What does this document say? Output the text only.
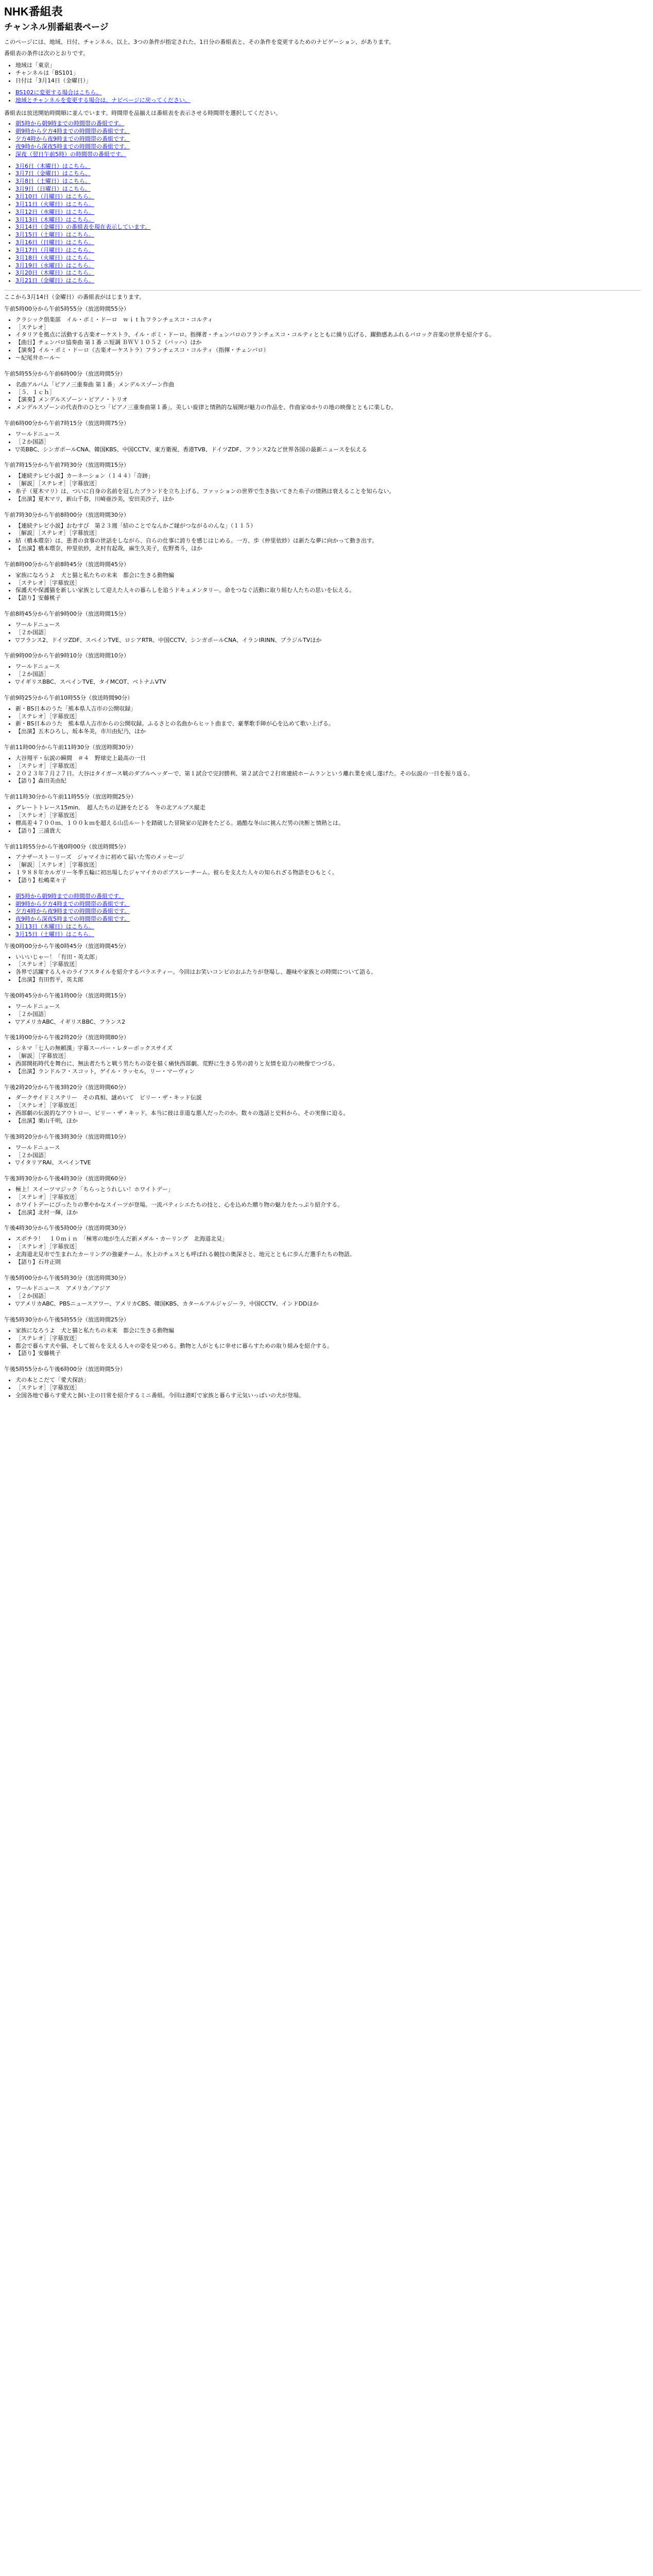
NHK番組表
チャンネル別番組表ページ

このページには、地域、日付、チャンネル、以上、3つの条件が指定された、1日分の番組表と、その条件を変更するためのナビゲーション、があります。

番組表の条件は次のとおりです。

• 地域は「東京」
• チャンネルは「BS101」
• 日付は「3月14日（金曜日）」
• BS102に変更する場合はこちら。
• 地域とチャンネルを変更する場合は、ナビページに戻ってください。

番組表は放送開始時間順に並んでいます。時間帯を品揃えは番組表を表示させる時間帯を選択してください。

• 朝5時から朝9時までの時間帯の番組です。
• 朝9時から夕方4時までの時間帯の番組です。
• 夕方4時から夜9時までの時間帯の番組です。
• 夜9時から深夜5時までの時間帯の番組です。
• 深夜（翌日午前5時）の時間帯の番組です。
• 3月6日（木曜日）はこちら。
• 3月7日（金曜日）はこちら。
• 3月8日（土曜日）はこちら。
• 3月9日（日曜日）はこちら。
• 3月10日（月曜日）はこちら。
• 3月11日（火曜日）はこちら。
• 3月12日（水曜日）はこちら。
• 3月13日（木曜日）はこちら。
• 3月14日（金曜日）の番組表を現在表示しています。
• 3月15日（土曜日）はこちら。
• 3月16日（日曜日）はこちら。
• 3月17日（月曜日）はこちら。
• 3月18日（火曜日）はこちら。
• 3月19日（水曜日）はこちら。
• 3月20日（木曜日）はこちら。
• 3月21日（金曜日）はこちら。

ここから3月14日（金曜日）の番組表がはじまります。

午前5時00分から午前5時55分（放送時間55分）
• クラシック倶楽部　イル・ポミ・ドーロ　ｗｉｔｈフランチェスコ・コルティ
• ［ステレオ］
• イタリアを拠点に活動する古楽オーケストラ、イル・ポミ・ドーロ。指揮者・チェンバロのフランチェスコ・コルティとともに繰り広げる、躍動感あふれるバロック音楽の世界を紹介する。
• 【曲目】チェンバロ協奏曲 第１番 ニ短調 ＢＷＶ１０５２（バッハ）ほか
• 【演奏】イル・ポミ・ドーロ（古楽オーケストラ）フランチェスコ・コルティ（指揮・チェンバロ）
• ～紀尾井ホール～
午前5時55分から午前6時00分（放送時間5分）
• 名曲アルバム「ピアノ三重奏曲 第１番」メンデルスゾーン作曲
• ［５．１ｃｈ］
• 【演奏】メンデルスゾーン・ピアノ・トリオ
• メンデルスゾーンの代表作のひとつ「ピアノ三重奏曲第１番」。美しい旋律と情熱的な展開が魅力の作品を、作曲家ゆかりの地の映像とともに楽しむ。
午前6時00分から午前7時15分（放送時間75分）
• ワールドニュース
• ［２か国語］
• ▽英BBC、シンガポールCNA、韓国KBS、中国CCTV、東方衛視、香港TVB、ドイツZDF、フランス2など世界各国の最新ニュースを伝える
午前7時15分から午前7時30分（放送時間15分）
• 【連続テレビ小説】カーネーション（１４４）「奇跡」
• ［解説］［ステレオ］［字幕放送］
• 糸子（夏木マリ）は、ついに自身の名前を冠したブランドを立ち上げる。ファッションの世界で生き抜いてきた糸子の情熱は衰えることを知らない。
• 【出演】夏木マリ，新山千春，川崎亜沙美，安田美沙子，ほか
午前7時30分から午前8時00分（放送時間30分）
• 【連続テレビ小説】おむすび　第２３週「結のことでなんかご縁がつながるのんな」（１１５）
• ［解説］［ステレオ］［字幕放送］
• 結（橋本環奈）は、患者の食事の世話をしながら、自らの仕事に誇りを感じはじめる。一方、歩（仲里依紗）は新たな夢に向かって動き出す。
• 【出演】橋本環奈，仲里依紗，北村有起哉，麻生久美子，佐野勇斗，ほか
午前8時00分から午前8時45分（放送時間45分）
• 家族になろうよ　犬と猫と私たちの未来　都会に生きる動物編
• ［ステレオ］［字幕放送］
• 保護犬や保護猫を新しい家族として迎えた人々の暮らしを追うドキュメンタリー。命をつなぐ活動に取り組む人たちの思いを伝える。
• 【語り】安藤桃子
午前8時45分から午前9時00分（放送時間15分）
• ワールドニュース
• ［２か国語］
• ▽フランス2、ドイツZDF、スペインTVE、ロシアRTR、中国CCTV、シンガポールCNA、イランIRINN、ブラジルTVほか
午前9時00分から午前9時10分（放送時間10分）
• ワールドニュース
• ［２か国語］
• ▽イギリスBBC、スペインTVE、タイMCOT、ベトナムVTV
午前9時25分から午前10時55分（放送時間90分）
• 新・BS日本のうた「熊本県人吉市の公開収録」
• ［ステレオ］［字幕放送］
• 新・BS日本のうた　熊本県人吉市からの公開収録。ふるさとの名曲からヒット曲まで、豪華歌手陣が心を込めて歌い上げる。
• 【出演】五木ひろし，坂本冬美，市川由紀乃，ほか
午前11時00分から午前11時30分（放送時間30分）
• 大谷翔平・伝説の瞬間　＃４　野球史上最高の一日
• ［ステレオ］［字幕放送］
• ２０２３年７月２７日。大谷はタイガース戦のダブルヘッダーで、第１試合で完封勝利、第２試合で２打席連続ホームランという離れ業を成し遂げた。その伝説の一日を振り返る。
• 【語り】森田美由紀
午前11時30分から午前11時55分（放送時間25分）
• グレートトレース15min．　超人たちの足跡をたどる　冬の北アルプス縦走
• ［ステレオ］［字幕放送］
• 標高差４７００ｍ、１００ｋｍを超える山岳ルートを踏破した冒険家の足跡をたどる。過酷な冬山に挑んだ男の決断と情熱とは。
• 【語り】三浦貴大
午前11時55分から午後0時00分（放送時間5分）
• アナザーストーリーズ　ジャマイカに初めて届いた雪のメッセージ
• ［解説］［ステレオ］［字幕放送］
• １９８８年カルガリー冬季五輪に初出場したジャマイカのボブスレーチーム。彼らを支えた人々の知られざる物語をひもとく。
• 【語り】松嶋菜々子
• 朝5時から朝9時までの時間帯の番組です。
• 朝9時から夕方4時までの時間帯の番組です。
• 夕方4時から夜9時までの時間帯の番組です。
• 夜9時から深夜5時までの時間帯の番組です。
• 3月13日（木曜日）はこちら。
• 3月15日（土曜日）はこちら。
午後0時00分から午後0時45分（放送時間45分）
• いいいじゃー！「有田・英太郎」
• ［ステレオ］［字幕放送］
• 各界で活躍する人々のライフスタイルを紹介するバラエティー。今回はお笑いコンビのおふたりが登場し、趣味や家族との時間について語る。
• 【出演】有田哲平，英太郎
午後0時45分から午後1時00分（放送時間15分）
• ワールドニュース
• ［２か国語］
• ▽アメリカABC、イギリスBBC、フランス2
午後1時00分から午後2時20分（放送時間80分）
• シネマ「七人の無頼漢」字幕スーパー・レターボックスサイズ
• ［解説］［字幕放送］
• 西部開拓時代を舞台に、無法者たちと戦う男たちの姿を描く痛快西部劇。荒野に生きる男の誇りと友情を迫力の映像でつづる。
• 【出演】ランドルフ・スコット，ゲイル・ラッセル，リー・マーヴィン
午後2時20分から午後3時20分（放送時間60分）
• ダークサイドミステリー　その真相、謎めいて　ビリー・ザ・キッド伝説
• ［ステレオ］［字幕放送］
• 西部劇の伝説的なアウトロー、ビリー・ザ・キッド。本当に彼は非道な悪人だったのか。数々の逸話と史料から、その実像に迫る。
• 【出演】栗山千明，ほか
午後3時20分から午後3時30分（放送時間10分）
• ワールドニュース
• ［２か国語］
• ▽イタリアRAI、スペインTVE
午後3時30分から午後4時30分（放送時間60分）
• 極上！スイーツマジック「ちらっとうれしい！ホワイトデー」
• ［ステレオ］［字幕放送］
• ホワイトデーにぴったりの華やかなスイーツが登場。一流パティシエたちの技と、心を込めた贈り物の魅力をたっぷり紹介する。
• 【出演】北村一輝，ほか
午後4時30分から午後5時00分（放送時間30分）
• スポチラ！　１０ｍｉｎ　「極寒の地が生んだ新メダル・カーリング　北海道北見」
• ［ステレオ］［字幕放送］
• 北海道北見市で生まれたカーリングの強豪チーム。氷上のチェスとも呼ばれる競技の奥深さと、地元とともに歩んだ選手たちの物語。
• 【語り】石井正則
午後5時00分から午後5時30分（放送時間30分）
• ワールドニュース　アメリカ／アジア
• ［２か国語］
• ▽アメリカABC、PBSニュースアワー、アメリカCBS、韓国KBS、カタールアルジャジーラ、中国CCTV、インドDDほか
午後5時30分から午後5時55分（放送時間25分）
• 家族になろうよ　犬と猫と私たちの未来　都会に生きる動物編
• ［ステレオ］［字幕放送］
• 都会で暮らす犬や猫、そして彼らを支える人々の姿を見つめる。動物と人がともに幸せに暮らすための取り組みを紹介する。
• 【語り】安藤桃子
午後5時55分から午後6時00分（放送時間5分）
• 犬の本とこだて「愛犬探訪」
• ［ステレオ］［字幕放送］
• 全国各地で暮らす愛犬と飼い主の日常を紹介するミニ番組。今回は港町で家族と暮らす元気いっぱいの犬が登場。
